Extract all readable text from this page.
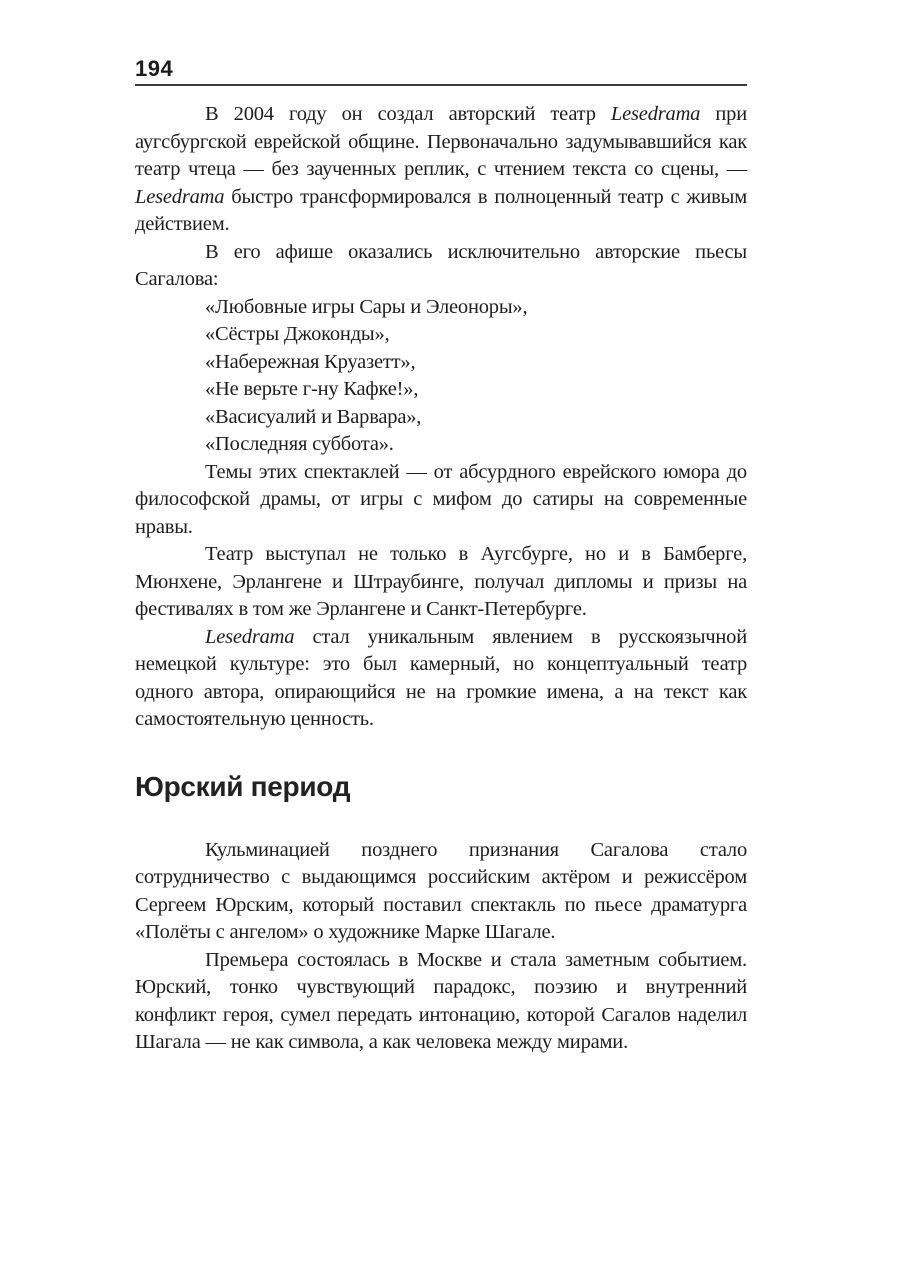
194

В 2004 году он создал авторский театр Lesedrama при аугсбургской еврейской общине. Первоначально задумывавшийся как театр чтеца — без заученных реплик, с чтением текста со сцены, — Lesedrama быстро трансформировался в полноценный театр с живым действием.

В его афише оказались исключительно авторские пьесы Сагалова:

«Любовные игры Сары и Элеоноры»,

«Сёстры Джоконды»,

«Набережная Круазетт»,

«Не верьте г-ну Кафке!»,

«Васисуалий и Варвара»,

«Последняя суббота».

Темы этих спектаклей — от абсурдного еврейского юмора до философской драмы, от игры с мифом до сатиры на современные нравы.

Театр выступал не только в Аугсбурге, но и в Бамберге, Мюнхене, Эрлангене и Штраубинге, получал дипломы и призы на фестивалях в том же Эрлангене и Санкт-Петербурге.

Lesedrama стал уникальным явлением в русскоязычной немецкой культуре: это был камерный, но концептуальный театр одного автора, опирающийся не на громкие имена, а на текст как самостоятельную ценность.

Юрский период

Кульминацией позднего признания Сагалова стало сотрудничество с выдающимся российским актёром и режиссёром Сергеем Юрским, который поставил спектакль по пьесе драматурга «Полёты с ангелом» о художнике Марке Шагале.

Премьера состоялась в Москве и стала заметным событием. Юрский, тонко чувствующий парадокс, поэзию и внутренний конфликт героя, сумел передать интонацию, которой Сагалов наделил Шагала — не как символа, а как человека между мирами.
